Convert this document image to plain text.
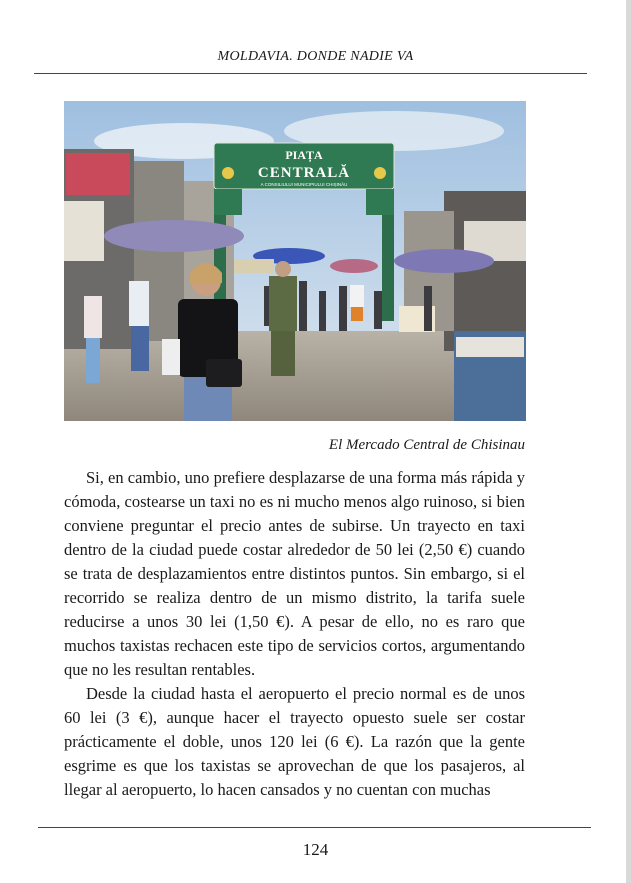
MOLDAVIA. DONDE NADIE VA
PIAȚA
CENTRALĂ
A CONSILIULUI MUNICIPIULUI CHIȘINĂU
El Mercado Central de Chisinau

Si, en cambio, uno prefiere desplazarse de una forma más rápida y cómoda, costearse un taxi no es ni mucho menos algo ruinoso, si bien conviene preguntar el precio antes de subirse. Un trayecto en taxi dentro de la ciudad puede costar alrededor de 50 lei (2,50 €) cuando se trata de desplazamientos entre distintos puntos. Sin embargo, si el recorrido se realiza dentro de un mismo distrito, la tarifa suele reducirse a unos 30 lei (1,50 €). A pesar de ello, no es raro que muchos taxistas rechacen este tipo de servicios cortos, argumentando que no les resultan rentables.

Desde la ciudad hasta el aeropuerto el precio normal es de unos 60 lei (3 €), aunque hacer el trayecto opuesto suele ser costar prácticamente el doble, unos 120 lei (6 €). La razón que la gente esgrime es que los taxistas se aprovechan de que los pasajeros, al llegar al aeropuerto, lo hacen cansados y no cuentan con muchas

124
